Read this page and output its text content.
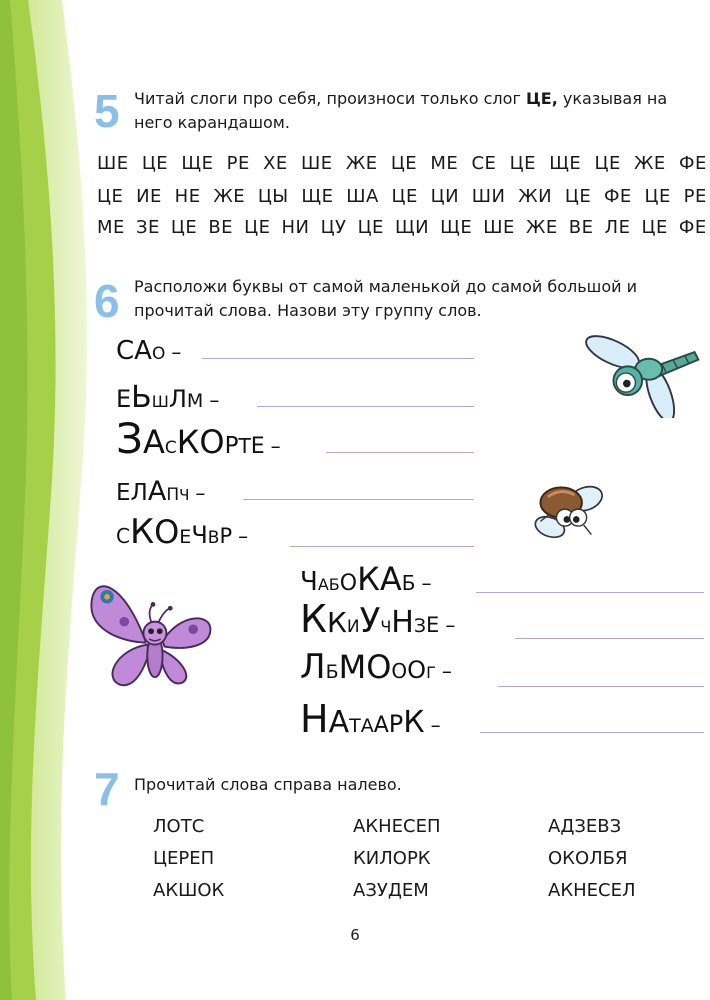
5 Читай слоги про себя, произноси только слог ЦЕ, указывая на него карандашом.
ШЕ ЦЕ ЩЕ РЕ ХЕ ШЕ ЖЕ ЦЕ МЕ СЕ ЦЕ ЩЕ ЦЕ ЖЕ ФЕ
ЦЕ ИЕ НЕ ЖЕ ЦЫ ЩЕ ША ЦЕ ЦИ ШИ ЖИ ЦЕ ФЕ ЦЕ РЕ
МЕ ЗЕ ЦЕ ВЕ ЦЕ НИ ЦУ ЦЕ ЩИ ЩЕ ШЕ ЖЕ ВЕ ЛЕ ЦЕ ФЕ
6 Расположи буквы от самой маленькой до самой большой и прочитай слова. Назови эту группу слов.
САО –
ЕЬШЛМ –
ЗАСКОРТЕ –
ЕЛАПЧ –
СКОЕЧВР –
ЧАБОКАБ –
ККИУЧНЗЕ –
ЛБМОООГ –
НАТААРК –
7 Прочитай слова справа налево.
ЛОТС	АКНЕСЕП	АДЗЕВЗ
ЦЕРЕП	КИЛОРК	ОКОЛБЯ
АКШОК	АЗУДЕМ	АКНЕСЕЛ
6
